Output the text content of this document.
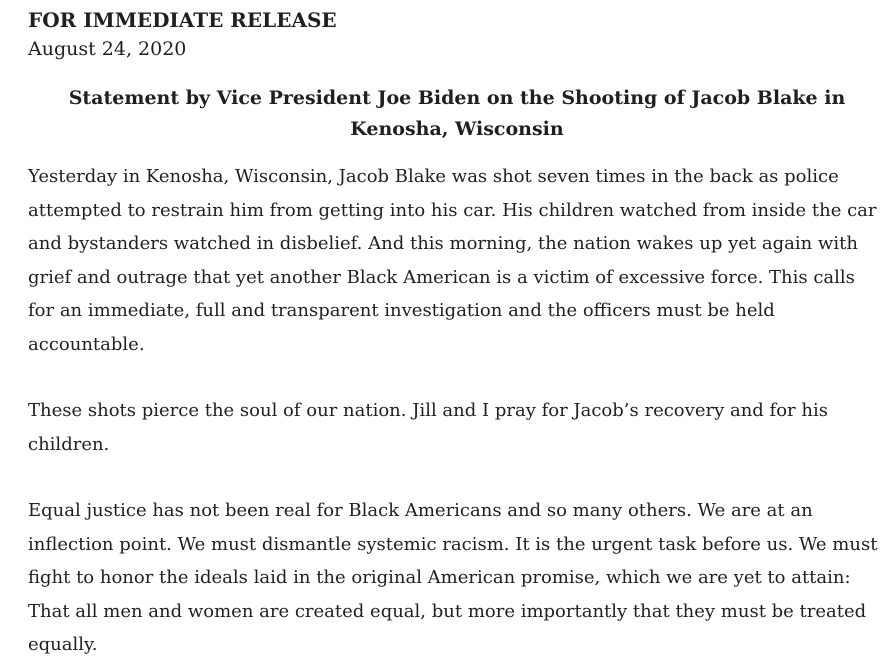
FOR IMMEDIATE RELEASE
August 24, 2020
Statement by Vice President Joe Biden on the Shooting of Jacob Blake in Kenosha, Wisconsin

Yesterday in Kenosha, Wisconsin, Jacob Blake was shot seven times in the back as police attempted to restrain him from getting into his car. His children watched from inside the car and bystanders watched in disbelief. And this morning, the nation wakes up yet again with grief and outrage that yet another Black American is a victim of excessive force. This calls for an immediate, full and transparent investigation and the officers must be held accountable.

These shots pierce the soul of our nation. Jill and I pray for Jacob’s recovery and for his children.

Equal justice has not been real for Black Americans and so many others. We are at an inflection point. We must dismantle systemic racism. It is the urgent task before us. We must fight to honor the ideals laid in the original American promise, which we are yet to attain: That all men and women are created equal, but more importantly that they must be treated equally.
